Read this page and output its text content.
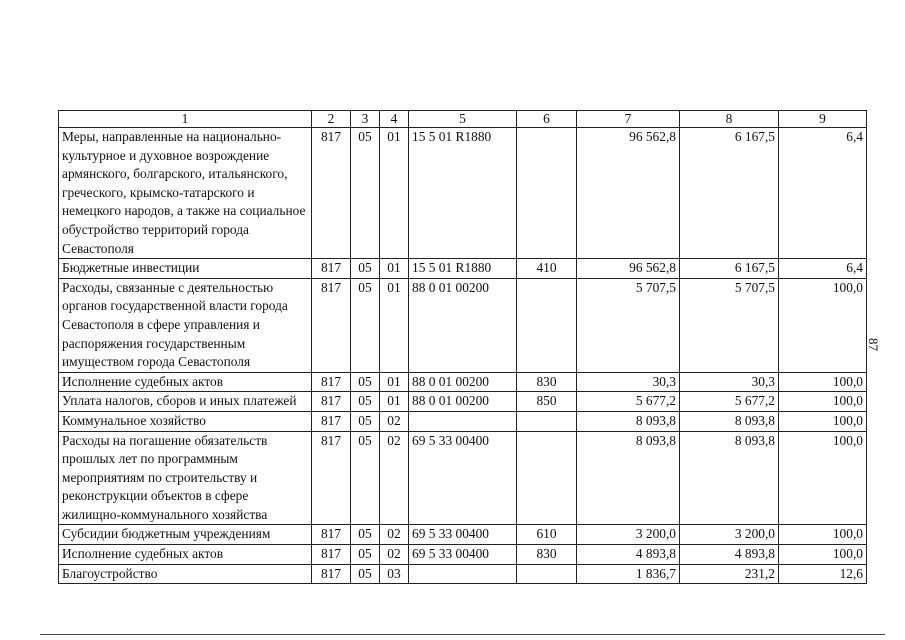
87
1	2	3	4	5	6	7	8	9
Меры, направленные на национально-культурное и духовное возрождение армянского, болгарского, итальянского, греческого, крымско-татарского и немецкого народов, а также на социальное обустройство территорий города Севастополя	817	05	01	15 5 01 R1880		96 562,8	6 167,5	6,4
Бюджетные инвестиции	817	05	01	15 5 01 R1880	410	96 562,8	6 167,5	6,4
Расходы, связанные с деятельностью органов государственной власти города Севастополя в сфере управления и распоряжения государственным имуществом города Севастополя	817	05	01	88 0 01 00200		5 707,5	5 707,5	100,0
Исполнение судебных актов	817	05	01	88 0 01 00200	830	30,3	30,3	100,0
Уплата налогов, сборов и иных платежей	817	05	01	88 0 01 00200	850	5 677,2	5 677,2	100,0
Коммунальное хозяйство	817	05	02			8 093,8	8 093,8	100,0
Расходы на погашение обязательств прошлых лет по программным мероприятиям по строительству и реконструкции объектов в сфере жилищно-коммунального хозяйства	817	05	02	69 5 33 00400		8 093,8	8 093,8	100,0
Субсидии бюджетным учреждениям	817	05	02	69 5 33 00400	610	3 200,0	3 200,0	100,0
Исполнение судебных актов	817	05	02	69 5 33 00400	830	4 893,8	4 893,8	100,0
Благоустройство	817	05	03			1 836,7	231,2	12,6
